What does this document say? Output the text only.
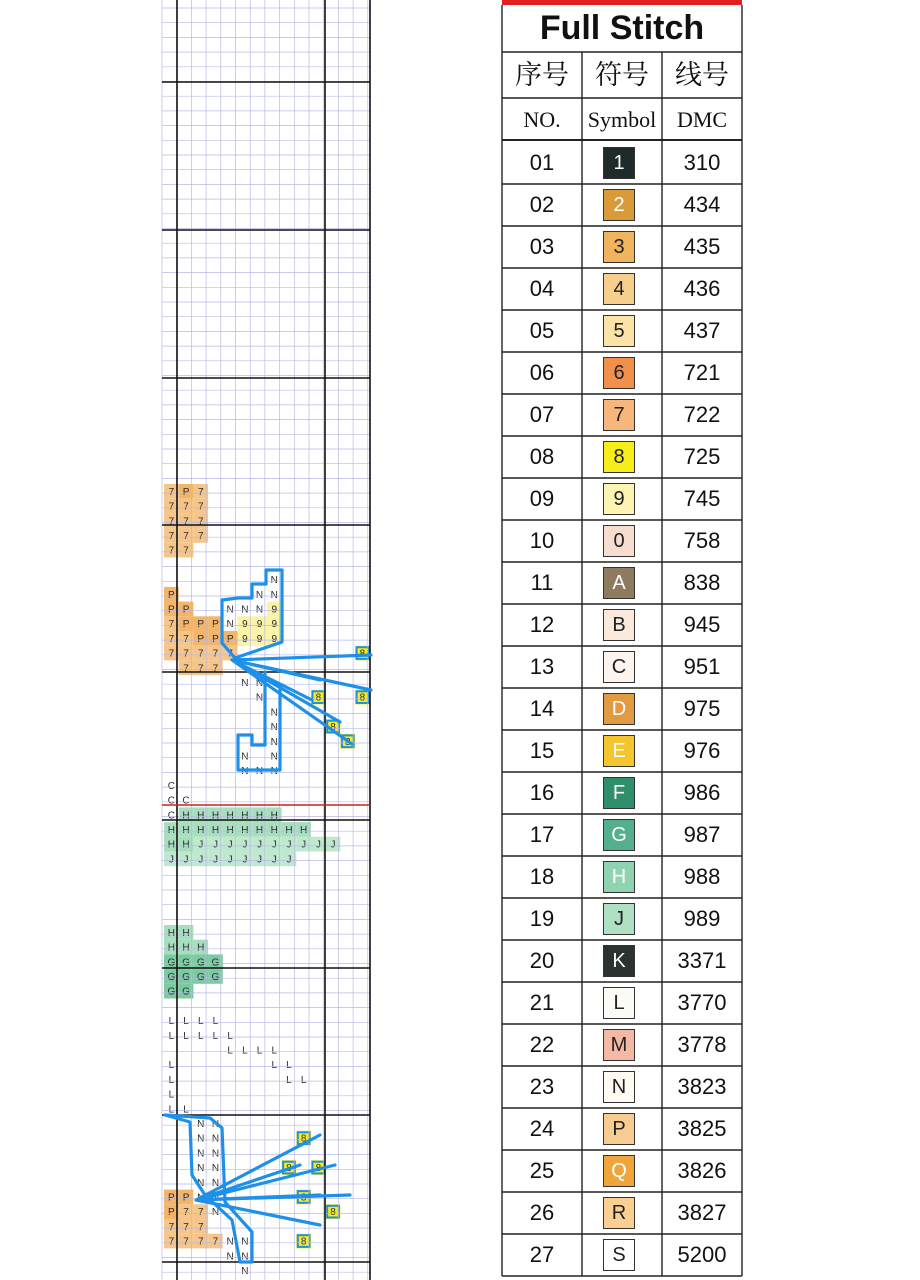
7 P 7
7 7 7
7 7 7
7 7 7
7 7
N
P	N N
P P	N N N 9
7 P P P N 9 9 9
7 7 P P P 9 9 9
7 7 7 7 7	8
7 7 7
N N
N	8	8
N
N	8
N	8
N N
N N N
C
C C
C H H H H H H H
H H H H H H H H H H
H H J J J J J J J J J J
J J J J J J J J J
H H
H H H
G G G G
G G G G
G G
L L L L
L L L L L
L L L L
L	L L
L	L L
L
L L
N N
N N	8
N N
N N	8 8
N N
P P N N	8
P 7 7 N	8
7 7 7
7 7 7 7 N N	8
N N
N
Full Stitch
序号 符号 线号
NO.	Symbol DMC
01	1	310
02	2	434
03	3	435
04	4	436
05	5	437
06	6	721
07	7	722
08	8	725
09	9	745
10	0	758
11	A	838
12	B	945
13	C	951
14	D	975
15	E	976
16	F	986
17	G	987
18	H	988
19	J	989
20	K	3371
21	L	3770
22	M	3778
23	N	3823
24	P	3825
25	Q	3826
26	R	3827
27	S	5200
